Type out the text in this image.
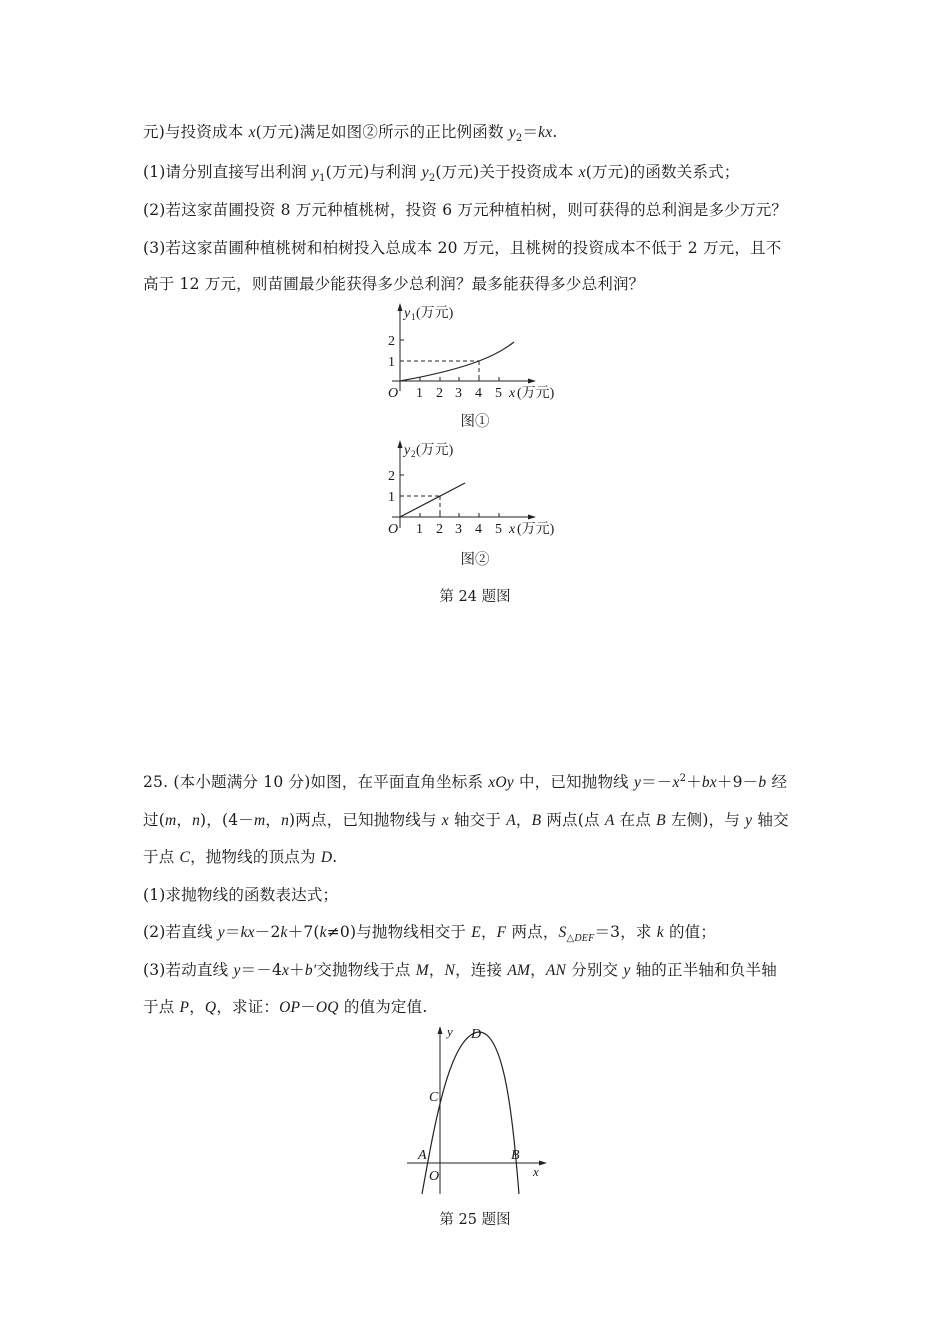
元)与投资成本 x(万元)满足如图②所示的正比例函数 $y_2=kx$.
(1)请分别直接写出利润 $y_1$(万元)与利润 $y_2$(万元)关于投资成本 x(万元)的函数关系式；
(2)若这家苗圃投资 8 万元种植桃树，投资 6 万元种植柏树，则可获得的总利润是多少万元？
(3)若这家苗圃种植桃树和柏树投入总成本 20 万元，且桃树的投资成本不低于 2 万元，且不
高于 12 万元，则苗圃最少能获得多少总利润？最多能获得多少总利润？
y 1 (万元)
2
1
O 1 2 3 4 5 x (万元)
图①
y 2 (万元)
2
1
O 1 2 3 4 5 x (万元)
图②
第 24 题图
25. (本小题满分 10 分)如图，在平面直角坐标系 xOy 中，已知抛物线 $y=-x^2+bx+9-b$ 经
过(m，n)，(4－m，n)两点，已知抛物线与 x 轴交于 A，B 两点(点 A 在点 B 左侧)，与 y 轴交
于点 C，抛物线的顶点为 D.
(1)求抛物线的函数表达式；
(2)若直线 y＝kx－2k＋7(k≠0)与抛物线相交于 E，F 两点，$S_{\triangle DEF}=3$，求 k 的值；
(3)若动直线 y＝－4x＋b′交抛物线于点 M，N，连接 AM，AN 分别交 y 轴的正半轴和负半轴
于点 P，Q，求证：OP－OQ 的值为定值.
y D
C
A	B
O	x
第 25 题图
